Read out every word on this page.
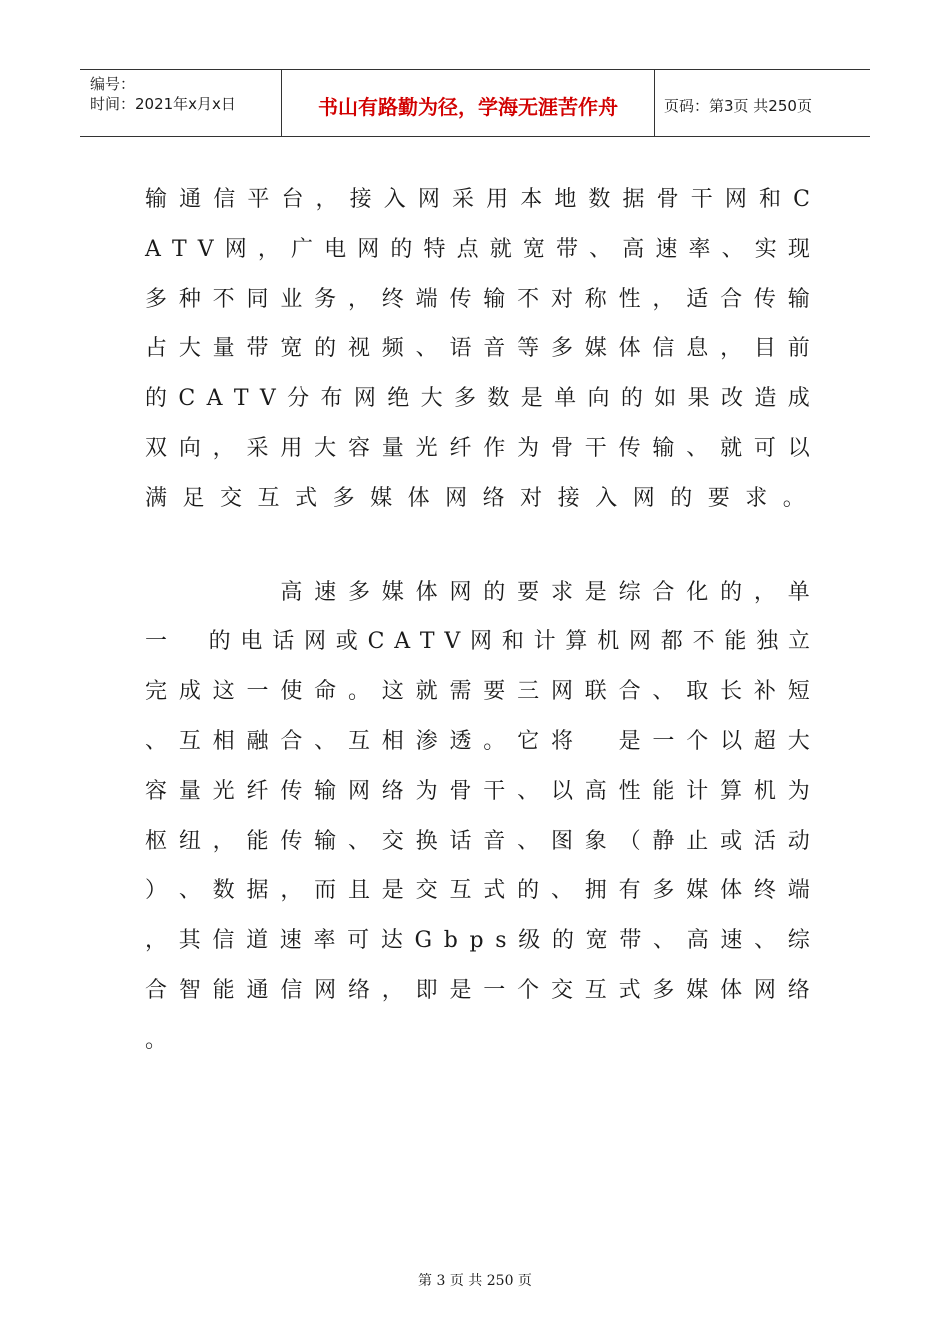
编号：
时间：2021年x月x日	书山有路勤为径，学海无涯苦作舟	页码：第3页 共250页
输 通 信 平 台 ， 接 入 网 采 用 本 地 数 据 骨 干 网 和 C
A T V 网 ， 广 电 网 的 特 点 就 宽 带 、 高 速 率 、 实 现
多 种 不 同 业 务 ， 终 端 传 输 不 对 称 性 ， 适 合 传 输
占 大 量 带 宽 的 视 频 、 语 音 等 多 媒 体 信 息 ， 目 前
的 C A T V 分 布 网 绝 大 多 数 是 单 向 的 如 果 改 造 成
双 向 ， 采 用 大 容 量 光 纤 作 为 骨 干 传 输 、 就 可 以
满 足 交 互 式 多 媒 体 网 络 对 接 入 网 的 要 求 。
高 速 多 媒 体 网 的 要 求 是 综 合 化 的 ， 单
一 的 电 话 网 或 C A T V 网 和 计 算 机 网 都 不 能 独 立
完 成 这 一 使 命 。 这 就 需 要 三 网 联 合 、 取 长 补 短
、 互 相 融 合 、 互 相 渗 透 。 它 将 是 一 个 以 超 大
容 量 光 纤 传 输 网 络 为 骨 干 、 以 高 性 能 计 算 机 为
枢 纽 ， 能 传 输 、 交 换 话 音 、 图 象 （ 静 止 或 活 动
） 、 数 据 ， 而 且 是 交 互 式 的 、 拥 有 多 媒 体 终 端
， 其 信 道 速 率 可 达 G b p s 级 的 宽 带 、 高 速 、 综
合 智 能 通 信 网 络 ， 即 是 一 个 交 互 式 多 媒 体 网 络
。
第 3 页 共 250 页
